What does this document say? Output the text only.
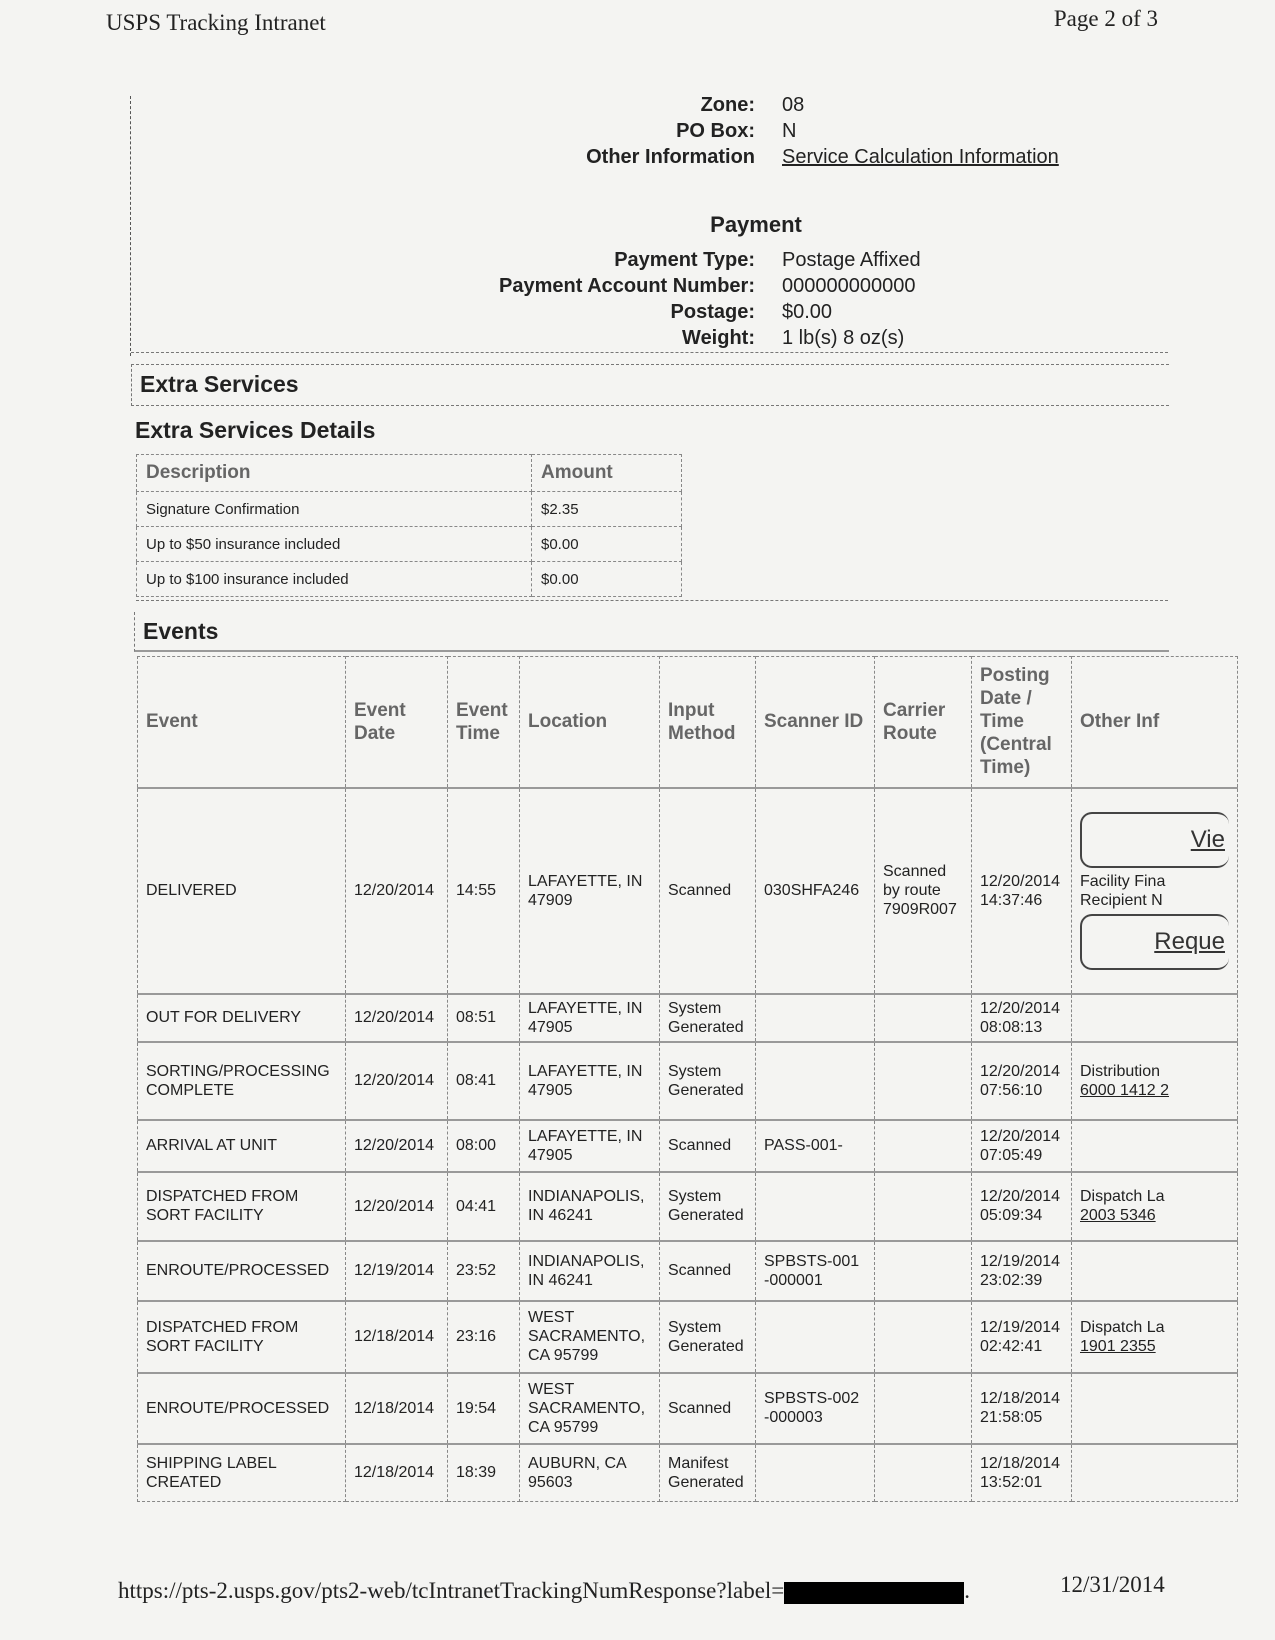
USPS Tracking Intranet	Page 2 of 3
Zone: 08
PO Box: N
Other Information Service Calculation Information
Payment
Payment Type: Postage Affixed
Payment Account Number: 000000000000
Postage: $0.00
Weight: 1 lb(s) 8 oz(s)
Extra Services
Extra Services Details
Description	Amount
Signature Confirmation	$2.35
Up to $50 insurance included	$0.00
Up to $100 insurance included	$0.00
Events
Event	Event Date	Event Time	Location	Input Method	Scanner ID	Carrier Route	Posting Date / Time (Central Time)	Other Inf
DELIVERED	12/20/2014	14:55	LAFAYETTE, IN 47909	Scanned	030SHFA246	Scanned by route 7909R007	12/20/2014 14:37:46	Vie
Facility Fina
Recipient N
Reque

OUT FOR DELIVERY	12/20/2014	08:51	LAFAYETTE, IN 47905	System Generated			12/20/2014 08:08:13	
SORTING/PROCESSING COMPLETE	12/20/2014	08:41	LAFAYETTE, IN 47905	System Generated			12/20/2014 07:56:10	Distribution
6000 1412 2
ARRIVAL AT UNIT	12/20/2014	08:00	LAFAYETTE, IN 47905	Scanned	PASS-001-		12/20/2014 07:05:49	
DISPATCHED FROM SORT FACILITY	12/20/2014	04:41	INDIANAPOLIS, IN 46241	System Generated			12/20/2014 05:09:34	Dispatch La
2003 5346
ENROUTE/PROCESSED	12/19/2014	23:52	INDIANAPOLIS, IN 46241	Scanned	SPBSTS-001 -000001		12/19/2014 23:02:39	
DISPATCHED FROM SORT FACILITY	12/18/2014	23:16	WEST SACRAMENTO, CA 95799	System Generated			12/19/2014 02:42:41	Dispatch La
1901 2355
ENROUTE/PROCESSED	12/18/2014	19:54	WEST SACRAMENTO, CA 95799	Scanned	SPBSTS-002 -000003		12/18/2014 21:58:05	
SHIPPING LABEL CREATED	12/18/2014	18:39	AUBURN, CA 95603	Manifest Generated			12/18/2014 13:52:01	
https://pts-2.usps.gov/pts2-web/tcIntranetTrackingNumResponse?label=	.	12/31/2014
